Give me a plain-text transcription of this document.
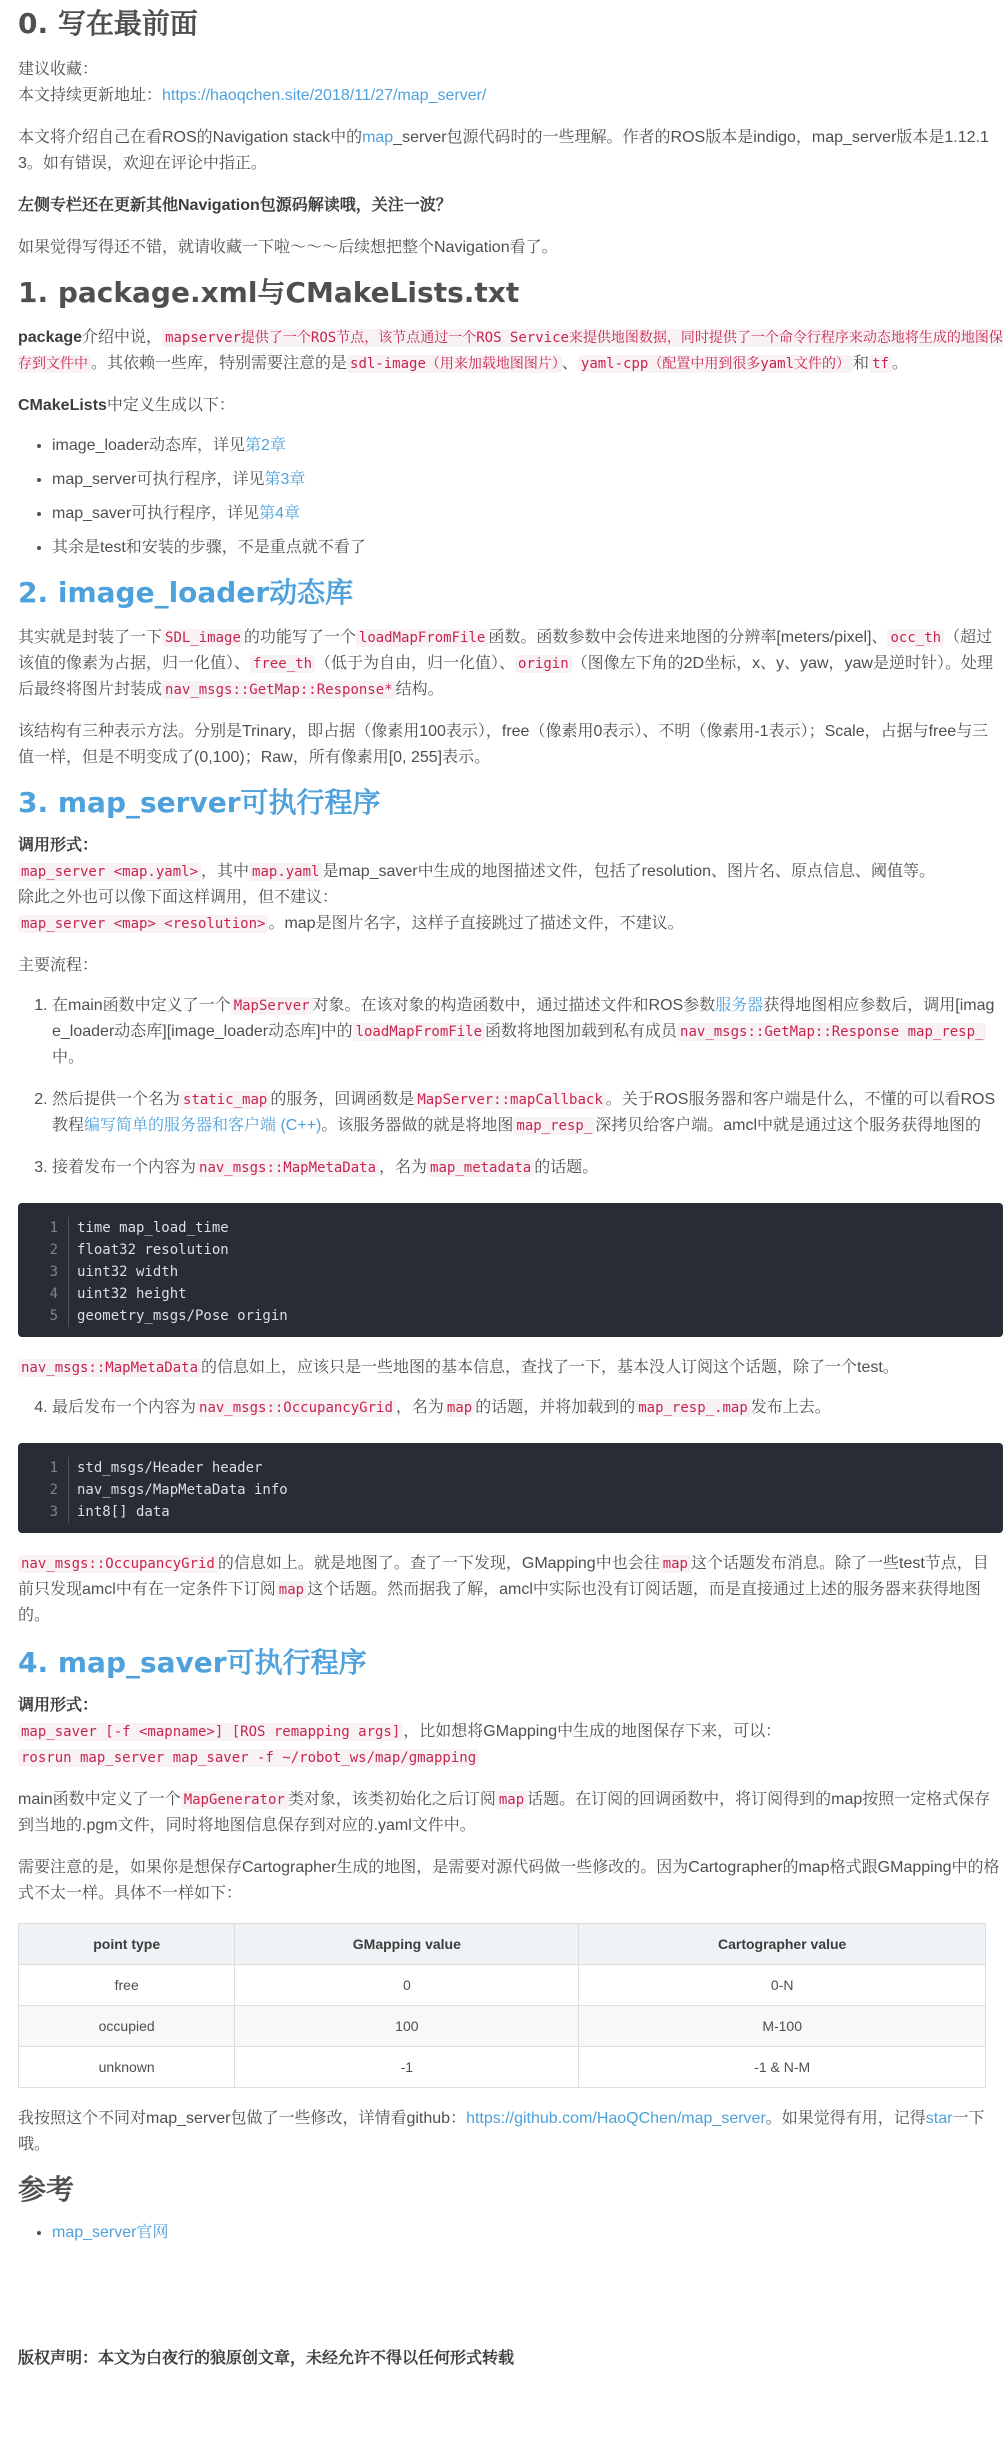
0. 写在最前面

建议收藏：

本文持续更新地址：https://haoqchen.site/2018/11/27/map_server/

本文将介绍自己在看ROS的Navigation stack中的map_server包源代码时的一些理解。作者的ROS版本是indigo，map_server版本是1.12.13。如有错误，欢迎在评论中指正。

左侧专栏还在更新其他Navigation包源码解读哦，关注一波？

如果觉得写得还不错，就请收藏一下啦～～～后续想把整个Navigation看了。

1. package.xml与CMakeLists.txt

package介绍中说， mapserver提供了一个ROS节点，该节点通过一个ROS Service来提供地图数据，同时提供了一个命令行程序来动态地将生成的地图保存到文件中 。其依赖一些库，特别需要注意的是 sdl-image（用来加载地图图片） 、 yaml-cpp（配置中用到很多yaml文件的） 和 tf 。

CMakeLists中定义生成以下：

• image_loader动态库，详见第2章
• map_server可执行程序，详见第3章
• map_saver可执行程序，详见第4章
• 其余是test和安装的步骤，不是重点就不看了
2. image_loader动态库

其实就是封装了一下 SDL_image 的功能写了一个 loadMapFromFile 函数。函数参数中会传进来地图的分辨率[meters/pixel]、 occ_th （超过该值的像素为占据，归一化值）、 free_th （低于为自由，归一化值）、 origin （图像左下角的2D坐标，x、y、yaw，yaw是逆时针）。处理后最终将图片封装成 nav_msgs::GetMap::Response* 结构。

该结构有三种表示方法。分别是Trinary，即占据（像素用100表示），free（像素用0表示）、不明（像素用-1表示）；Scale，占据与free与三值一样，但是不明变成了(0,100)；Raw，所有像素用[0, 255]表示。

3. map_server可执行程序

调用形式：

map_server <map.yaml> ，其中 map.yaml 是map_saver中生成的地图描述文件，包括了resolution、图片名、原点信息、阈值等。

除此之外也可以像下面这样调用，但不建议：

map_server <map> <resolution> 。map是图片名字，这样子直接跳过了描述文件，不建议。

主要流程：

1. 在main函数中定义了一个 MapServer 对象。在该对象的构造函数中，通过描述文件和ROS参数服务器获得地图相应参数后，调用[image_loader动态库][image_loader动态库]中的 loadMapFromFile 函数将地图加载到私有成员 nav_msgs::GetMap::Response map_resp_中。
2. 然后提供一个名为 static_map 的服务，回调函数是 MapServer::mapCallback 。关于ROS服务器和客户端是什么，不懂的可以看ROS教程编写简单的服务器和客户端 (C++)。该服务器做的就是将地图 map_resp_ 深拷贝给客户端。amcl中就是通过这个服务获得地图的
3. 接着发布一个内容为 nav_msgs::MapMetaData ，名为 map_metadata 的话题。
1	time map_load_time
2	float32 resolution
3	uint32 width
4	uint32 height
5	geometry_msgs/Pose origin

nav_msgs::MapMetaData 的信息如上，应该只是一些地图的基本信息，查找了一下，基本没人订阅这个话题，除了一个test。

4. 最后发布一个内容为 nav_msgs::OccupancyGrid ，名为 map 的话题，并将加载到的 map_resp_.map 发布上去。
1	std_msgs/Header header
2	nav_msgs/MapMetaData info
3	int8[] data

nav_msgs::OccupancyGrid 的信息如上。就是地图了。查了一下发现，GMapping中也会往 map 这个话题发布消息。除了一些test节点，目前只发现amcl中有在一定条件下订阅 map 这个话题。然而据我了解，amcl中实际也没有订阅话题，而是直接通过上述的服务器来获得地图的。

4. map_saver可执行程序

调用形式：

map_saver [-f <mapname>] [ROS remapping args] ，比如想将GMapping中生成的地图保存下来，可以：

rosrun map_server map_saver -f ~/robot_ws/map/gmapping

main函数中定义了一个 MapGenerator 类对象，该类初始化之后订阅 map 话题。在订阅的回调函数中，将订阅得到的map按照一定格式保存到当地的.pgm文件，同时将地图信息保存到对应的.yaml文件中。

需要注意的是，如果你是想保存Cartographer生成的地图，是需要对源代码做一些修改的。因为Cartographer的map格式跟GMapping中的格式不太一样。具体不一样如下：

point type	GMapping value	Cartographer value
free	0	0-N
occupied	100	M-100
unknown	-1	-1 & N-M

我按照这个不同对map_server包做了一些修改，详情看github：https://github.com/HaoQChen/map_server。如果觉得有用，记得star一下哦。

参考
• map_server官网

版权声明：本文为白夜行的狼原创文章，未经允许不得以任何形式转载
